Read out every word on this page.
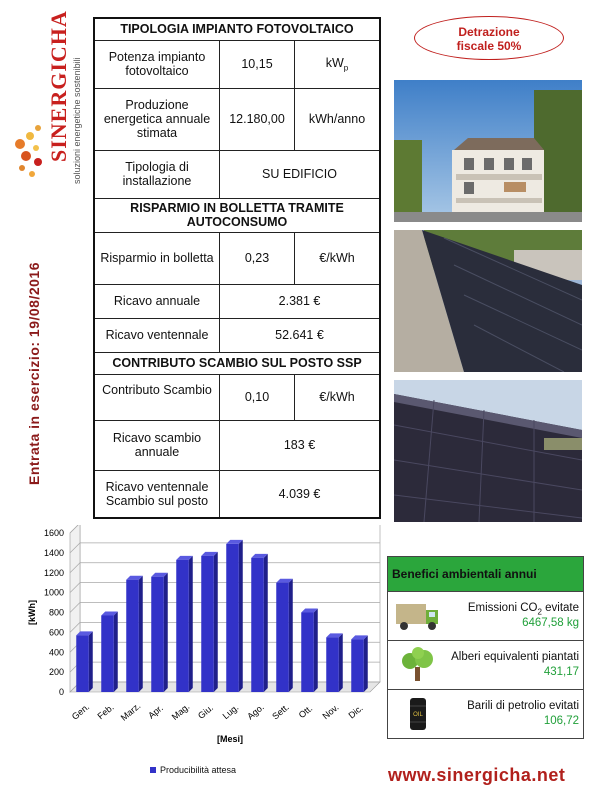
SINERGICHA soluzioni energetiche sostenibili
Entrata in esercizio: 19/08/2016
TIPOLOGIA IMPIANTO FOTOVOLTAICO		
Potenza impianto fotovoltaico	10,15	$kW_p$
Produzione energetica annuale stimata	12.180,00	kWh/anno
Tipologia di installazione	SU EDIFICIO	
RISPARMIO IN BOLLETTA TRAMITE AUTOCONSUMO		
Risparmio in bolletta	0,23	€/kWh
Ricavo annuale	2.381 €	
Ricavo ventennale	52.641 €	
CONTRIBUTO SCAMBIO SUL POSTO SSP		
Contributo Scambio	0,10	€/kWh
Ricavo scambio annuale	183 €	
Ricavo ventennale Scambio sul posto	4.039 €	
Detrazione
fiscale 50%
0
200
400
600
800
1000
1200
1400
1600
Gen. Feb. Marz. Apr. Mag. Giu. Lug. Ago. Sett. Ott. Nov. Dic.
[kWh]
[Mesi]
Producibilità attesa
Benefici ambientali annui
Emissioni $CO_2$ evitate
6467,58 kg
Alberi equivalenti piantati
431,17
OIL
Barili di petrolio evitati
106,72
www.sinergicha.net
